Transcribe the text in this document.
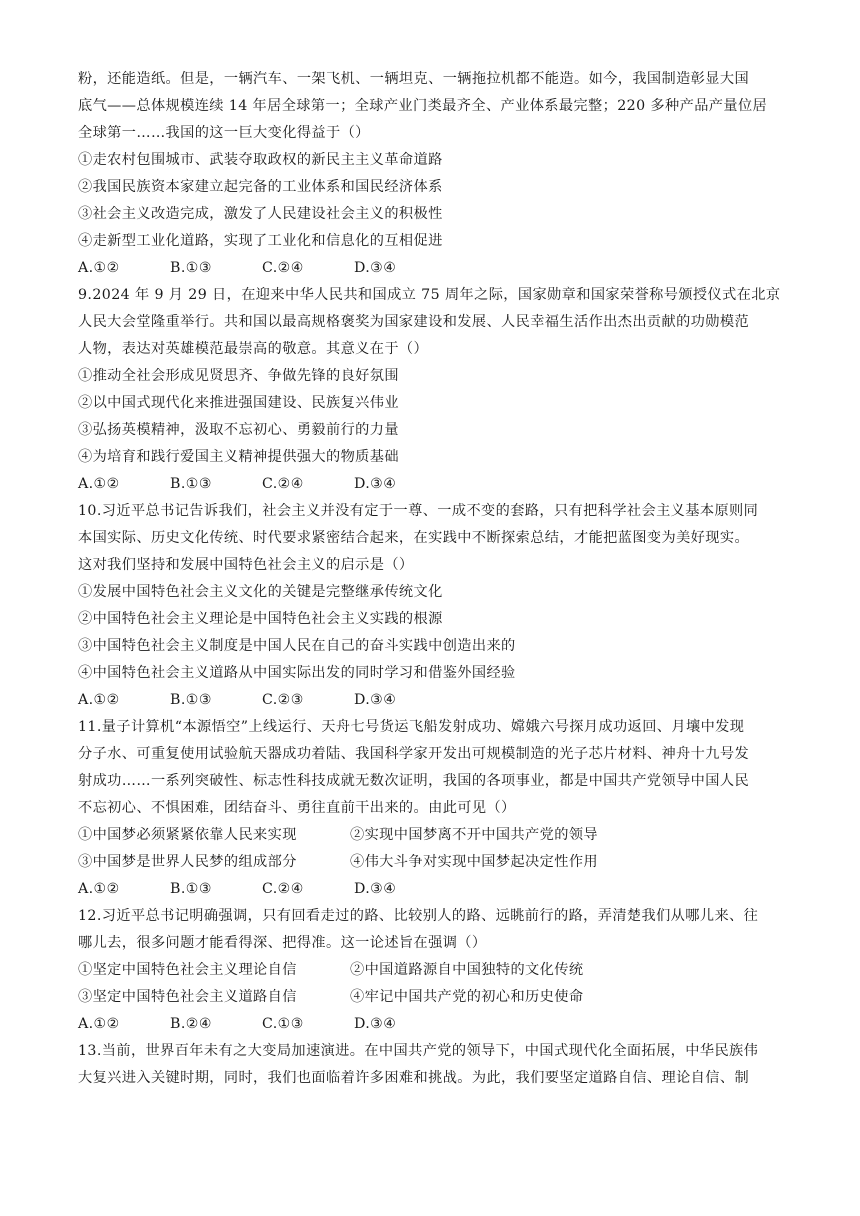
粉，还能造纸。但是，一辆汽车、一架飞机、一辆坦克、一辆拖拉机都不能造。如今，我国制造彰显大国
底气——总体规模连续 14 年居全球第一；全球产业门类最齐全、产业体系最完整；220 多种产品产量位居
全球第一……我国的这一巨大变化得益于（）
①走农村包围城市、武装夺取政权的新民主主义革命道路
②我国民族资本家建立起完备的工业体系和国民经济体系
③社会主义改造完成，激发了人民建设社会主义的积极性
④走新型工业化道路，实现了工业化和信息化的互相促进
A.①②	B.①③	C.②④	D.③④
9.2024 年 9 月 29 日，在迎来中华人民共和国成立 75 周年之际，国家勋章和国家荣誉称号颁授仪式在北京
人民大会堂隆重举行。共和国以最高规格褒奖为国家建设和发展、人民幸福生活作出杰出贡献的功勋模范
人物，表达对英雄模范最崇高的敬意。其意义在于（）
①推动全社会形成见贤思齐、争做先锋的良好氛围
②以中国式现代化来推进强国建设、民族复兴伟业
③弘扬英模精神，汲取不忘初心、勇毅前行的力量
④为培育和践行爱国主义精神提供强大的物质基础
A.①②	B.①③	C.②④	D.③④
10.习近平总书记告诉我们，社会主义并没有定于一尊、一成不变的套路，只有把科学社会主义基本原则同
本国实际、历史文化传统、时代要求紧密结合起来，在实践中不断探索总结，才能把蓝图变为美好现实。
这对我们坚持和发展中国特色社会主义的启示是（）
①发展中国特色社会主义文化的关键是完整继承传统文化
②中国特色社会主义理论是中国特色社会主义实践的根源
③中国特色社会主义制度是中国人民在自己的奋斗实践中创造出来的
④中国特色社会主义道路从中国实际出发的同时学习和借鉴外国经验
A.①②	B.①③	C.②③	D.③④
11.量子计算机“本源悟空”上线运行、天舟七号货运飞船发射成功、嫦娥六号探月成功返回、月壤中发现
分子水、可重复使用试验航天器成功着陆、我国科学家开发出可规模制造的光子芯片材料、神舟十九号发
射成功……一系列突破性、标志性科技成就无数次证明，我国的各项事业，都是中国共产党领导中国人民
不忘初心、不惧困难，团结奋斗、勇往直前干出来的。由此可见（）
①中国梦必须紧紧依靠人民来实现	②实现中国梦离不开中国共产党的领导
③中国梦是世界人民梦的组成部分	④伟大斗争对实现中国梦起决定性作用
A.①②	B.①③	C.②④	D.③④
12.习近平总书记明确强调，只有回看走过的路、比较别人的路、远眺前行的路，弄清楚我们从哪儿来、往
哪儿去，很多问题才能看得深、把得准。这一论述旨在强调（）
①坚定中国特色社会主义理论自信	②中国道路源自中国独特的文化传统
③坚定中国特色社会主义道路自信	④牢记中国共产党的初心和历史使命
A.①②	B.②④	C.①③	D.③④
13.当前，世界百年未有之大变局加速演进。在中国共产党的领导下，中国式现代化全面拓展，中华民族伟
大复兴进入关键时期，同时，我们也面临着许多困难和挑战。为此，我们要坚定道路自信、理论自信、制
